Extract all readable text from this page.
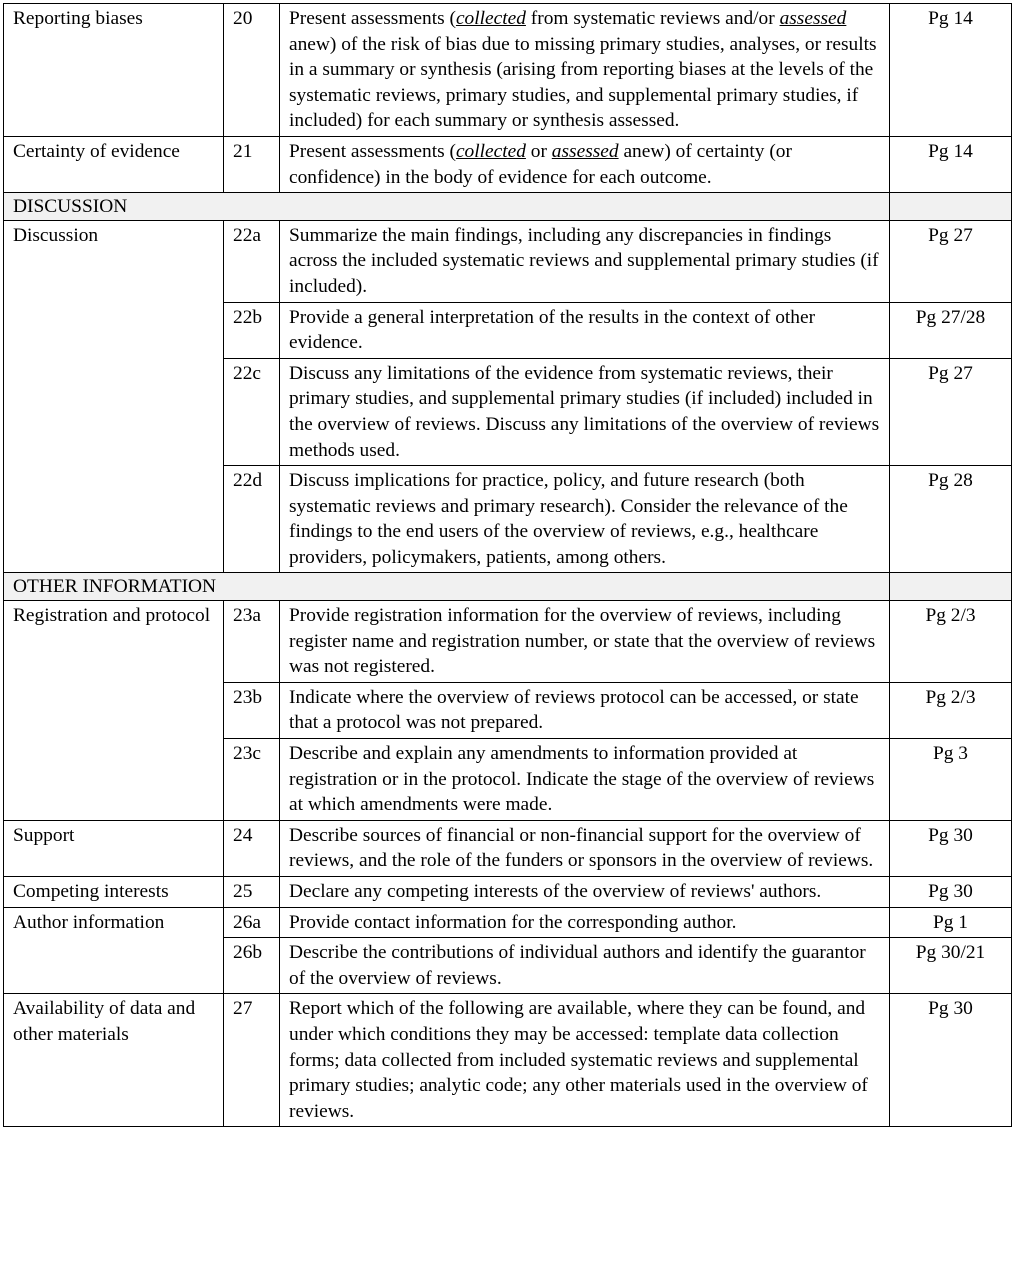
Reporting biases	20	Present assessments (collected from systematic reviews and/or assessed anew) of the risk of bias due to missing primary studies, analyses, or results in a summary or synthesis (arising from reporting biases at the levels of the systematic reviews, primary studies, and supplemental primary studies, if included) for each summary or synthesis assessed.	Pg 14
Certainty of evidence	21	Present assessments (collected or assessed anew) of certainty (or confidence) in the body of evidence for each outcome.	Pg 14
DISCUSSION			
Discussion	22a	Summarize the main findings, including any discrepancies in findings across the included systematic reviews and supplemental primary studies (if included).	Pg 27
	22b	Provide a general interpretation of the results in the context of other evidence.	Pg 27/28
	22c	Discuss any limitations of the evidence from systematic reviews, their primary studies, and supplemental primary studies (if included) included in the overview of reviews. Discuss any limitations of the overview of reviews methods used.	Pg 27
	22d	Discuss implications for practice, policy, and future research (both systematic reviews and primary research). Consider the relevance of the findings to the end users of the overview of reviews, e.g., healthcare providers, policymakers, patients, among others.	Pg 28
OTHER INFORMATION			
Registration and protocol	23a	Provide registration information for the overview of reviews, including register name and registration number, or state that the overview of reviews was not registered.	Pg 2/3
	23b	Indicate where the overview of reviews protocol can be accessed, or state that a protocol was not prepared.	Pg 2/3
	23c	Describe and explain any amendments to information provided at registration or in the protocol. Indicate the stage of the overview of reviews at which amendments were made.	Pg 3
Support	24	Describe sources of financial or non-financial support for the overview of reviews, and the role of the funders or sponsors in the overview of reviews.	Pg 30
Competing interests	25	Declare any competing interests of the overview of reviews' authors.	Pg 30
Author information	26a	Provide contact information for the corresponding author.	Pg 1
	26b	Describe the contributions of individual authors and identify the guarantor of the overview of reviews.	Pg 30/21
Availability of data and other materials	27	Report which of the following are available, where they can be found, and under which conditions they may be accessed: template data collection forms; data collected from included systematic reviews and supplemental primary studies; analytic code; any other materials used in the overview of reviews.	Pg 30
